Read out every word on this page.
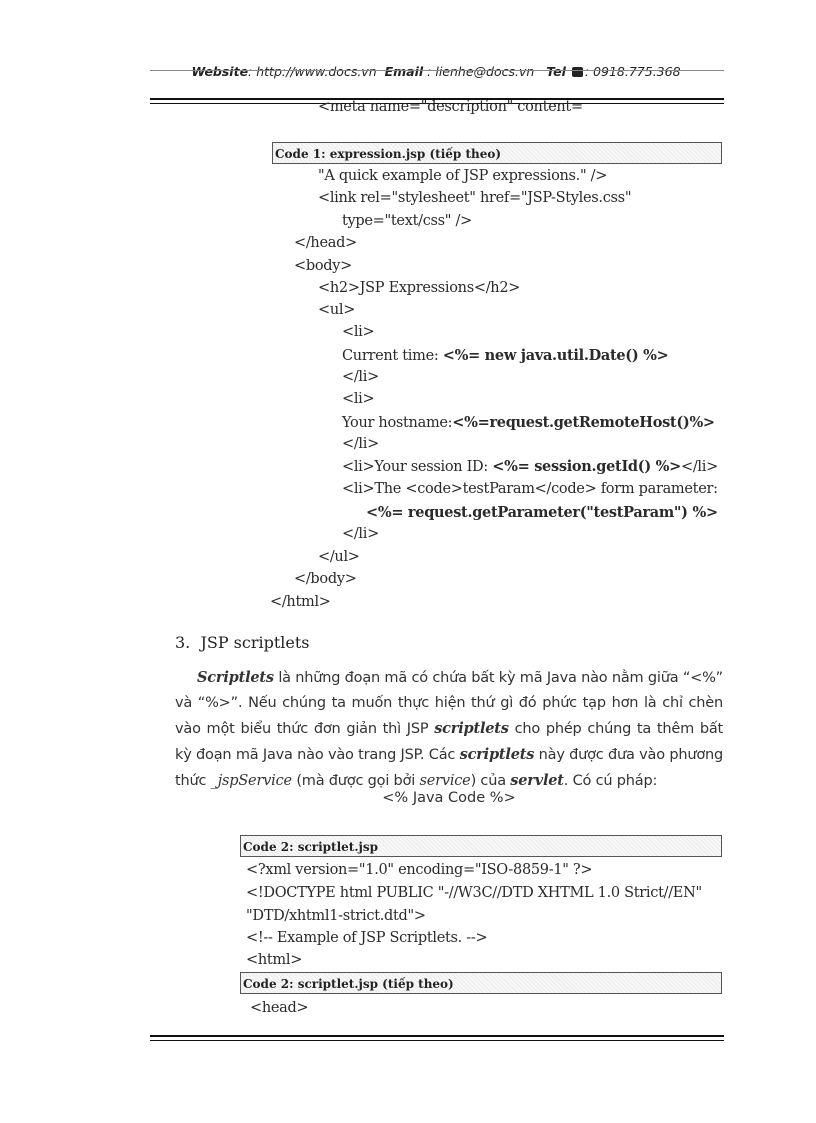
Website: http://www.docs.vn Email : lienhe@docs.vn Tel : 0918.775.368
<meta name="description" content=
Code 1: expression.jsp (tiếp theo)
"A quick example of JSP expressions." />
<link rel="stylesheet" href="JSP-Styles.css"
type="text/css" />
</head>
<body>
<h2>JSP Expressions</h2>
<ul>
<li>
Current time: <%= new java.util.Date() %>
</li>
<li>
Your hostname:<%=request.getRemoteHost()%>
</li>
<li>Your session ID: <%= session.getId() %></li>
<li>The <code>testParam</code> form parameter:
<%= request.getParameter("testParam") %>
</li>
</ul>
</body>
</html>
3. JSP scriptlets
Scriptlets là những đoạn mã có chứa bất kỳ mã Java nào nằm giữa “<%” và “%>”. Nếu chúng ta muốn thực hiện thứ gì đó phức tạp hơn là chỉ chèn vào một biểu thức đơn giản thì JSP scriptlets cho phép chúng ta thêm bất kỳ đoạn mã Java nào vào trang JSP. Các scriptlets này được đưa vào phương thức _jspService (mà được gọi bởi service) của servlet. Có cú pháp:
<% Java Code %>
Code 2: scriptlet.jsp
<?xml version="1.0" encoding="ISO-8859-1" ?>
<!DOCTYPE html PUBLIC "-//W3C//DTD XHTML 1.0 Strict//EN"
"DTD/xhtml1-strict.dtd">
<!-- Example of JSP Scriptlets. -->
<html>
Code 2: scriptlet.jsp (tiếp theo)
<head>
